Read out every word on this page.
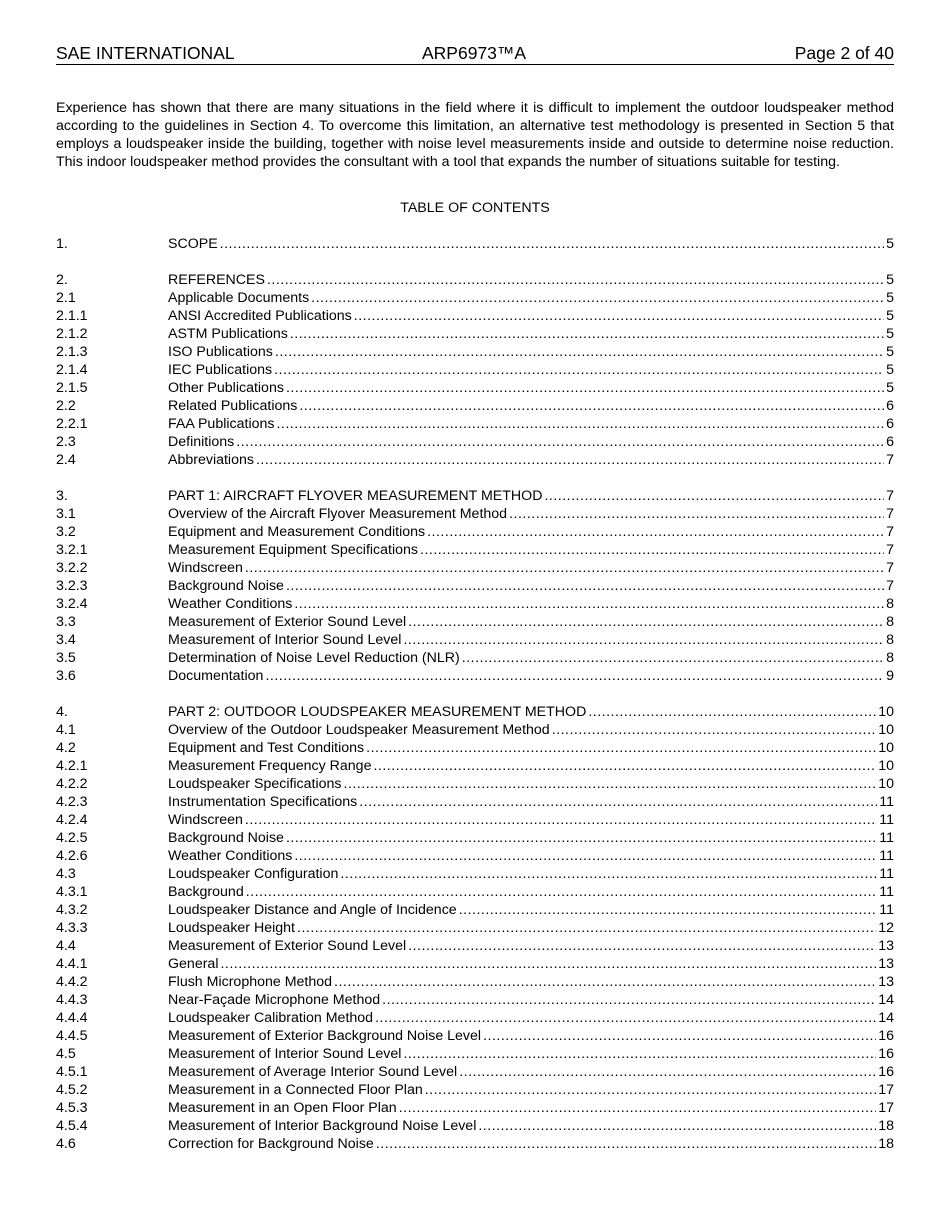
SAE INTERNATIONAL	ARP6973™A	Page 2 of 40

Experience has shown that there are many situations in the field where it is difficult to implement the outdoor loudspeaker method according to the guidelines in Section 4. To overcome this limitation, an alternative test methodology is presented in Section 5 that employs a loudspeaker inside the building, together with noise level measurements inside and outside to determine noise reduction. This indoor loudspeaker method provides the consultant with a tool that expands the number of situations suitable for testing.

TABLE OF CONTENTS
1.	SCOPE .....	5
2.	REFERENCES .....	5
2.1	Applicable Documents .....	5
2.1.1	ANSI Accredited Publications .....	5
2.1.2	ASTM Publications .....	5
2.1.3	ISO Publications .....	5
2.1.4	IEC Publications .....	5
2.1.5	Other Publications .....	5
2.2	Related Publications .....	6
2.2.1	FAA Publications .....	6
2.3	Definitions .....	6
2.4	Abbreviations .....	7
3.	PART 1: AIRCRAFT FLYOVER MEASUREMENT METHOD .....	7
3.1	Overview of the Aircraft Flyover Measurement Method .....	7
3.2	Equipment and Measurement Conditions .....	7
3.2.1	Measurement Equipment Specifications .....	7
3.2.2	Windscreen .....	7
3.2.3	Background Noise .....	7
3.2.4	Weather Conditions .....	8
3.3	Measurement of Exterior Sound Level .....	8
3.4	Measurement of Interior Sound Level .....	8
3.5	Determination of Noise Level Reduction (NLR) .....	8
3.6	Documentation .....	9
4.	PART 2: OUTDOOR LOUDSPEAKER MEASUREMENT METHOD .....	10
4.1	Overview of the Outdoor Loudspeaker Measurement Method .....	10
4.2	Equipment and Test Conditions .....	10
4.2.1	Measurement Frequency Range .....	10
4.2.2	Loudspeaker Specifications .....	10
4.2.3	Instrumentation Specifications .....	11
4.2.4	Windscreen .....	11
4.2.5	Background Noise .....	11
4.2.6	Weather Conditions .....	11
4.3	Loudspeaker Configuration .....	11
4.3.1	Background .....	11
4.3.2	Loudspeaker Distance and Angle of Incidence .....	11
4.3.3	Loudspeaker Height .....	12
4.4	Measurement of Exterior Sound Level .....	13
4.4.1	General .....	13
4.4.2	Flush Microphone Method .....	13
4.4.3	Near-Façade Microphone Method .....	14
4.4.4	Loudspeaker Calibration Method .....	14
4.4.5	Measurement of Exterior Background Noise Level .....	16
4.5	Measurement of Interior Sound Level .....	16
4.5.1	Measurement of Average Interior Sound Level .....	16
4.5.2	Measurement in a Connected Floor Plan .....	17
4.5.3	Measurement in an Open Floor Plan .....	17
4.5.4	Measurement of Interior Background Noise Level .....	18
4.6	Correction for Background Noise .....	18
